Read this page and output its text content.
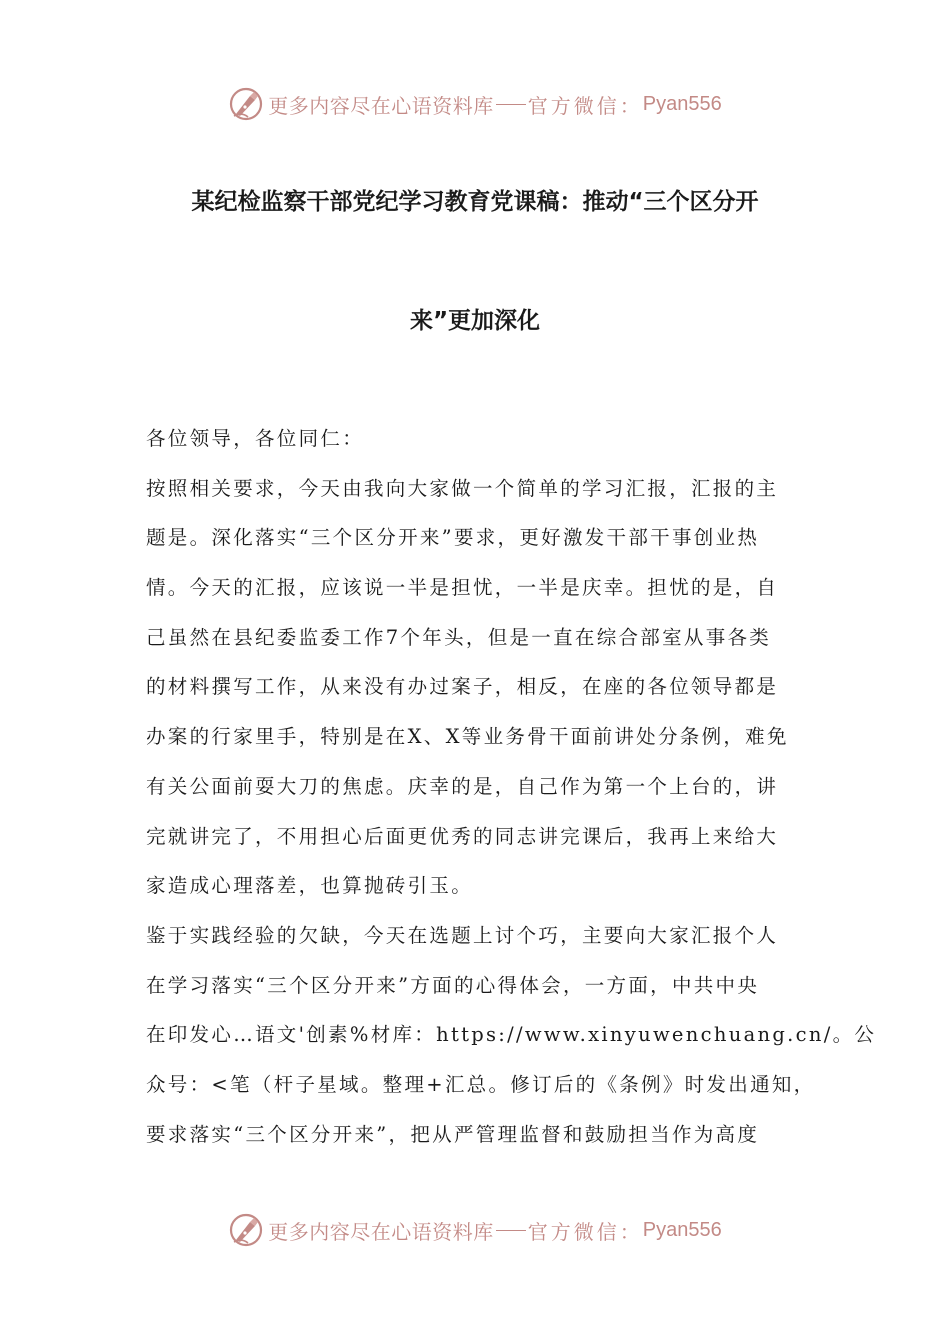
更多内容尽在心语资料库 官方微信： Pyan556
某纪检监察干部党纪学习教育党课稿：推动“三个区分开
来”更加深化
各位领导，各位同仁：
按照相关要求，今天由我向大家做一个简单的学习汇报，汇报的主
题是。深化落实“三个区分开来”要求，更好激发干部干事创业热
情。今天的汇报，应该说一半是担忧，一半是庆幸。担忧的是，自
己虽然在县纪委监委工作7个年头，但是一直在综合部室从事各类
的材料撰写工作，从来没有办过案子，相反，在座的各位领导都是
办案的行家里手，特别是在X、X等业务骨干面前讲处分条例，难免
有关公面前耍大刀的焦虑。庆幸的是，自己作为第一个上台的，讲
完就讲完了，不用担心后面更优秀的同志讲完课后，我再上来给大
家造成心理落差，也算抛砖引玉。
鉴于实践经验的欠缺，今天在选题上讨个巧，主要向大家汇报个人
在学习落实“三个区分开来”方面的心得体会，一方面，中共中央
在印发心…语文'创素%材库：https://www.xinyuwenchuang.cn/。公
众号：<笔（杆子星域。整理+汇总。修订后的《条例》时发出通知，
要求落实“三个区分开来”，把从严管理监督和鼓励担当作为高度
更多内容尽在心语资料库 官方微信： Pyan556
